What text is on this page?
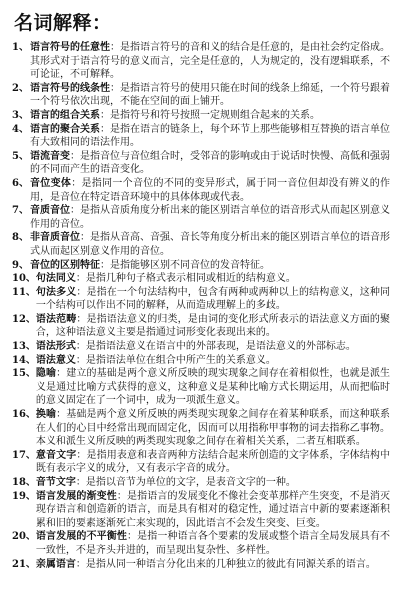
名词解释：
1、 语言符号的任意性：是指语言符号的音和义的结合是任意的，是由社会约定俗成。其形式对于语言符号的意义而言，完全是任意的，人为规定的，没有逻辑联系，不可论证，不可解释。
2、 语言符号的线条性：是指语言符号的使用只能在时间的线条上绵延，一个符号跟着一个符号依次出现，不能在空间的面上铺开。
3、 语言的组合关系：是指符号和符号按照一定规则组合起来的关系。
4、 语言的聚合关系：是指在语言的链条上，每个环节上那些能够相互替换的语言单位有大致相同的语法作用。
5、 语流音变：是指音位与音位组合时，受邻音的影响或由于说话时快慢、高低和强弱的不同而产生的语音变化。
6、 音位变体：是指同一个音位的不同的变异形式，属于同一音位但却没有辨义的作用，是音位在特定语音环境中的具体体现或代表。
7、 音质音位：是指从音质角度分析出来的能区别语言单位的语音形式从而起区别意义作用的音位。
8、 非音质音位：是指从音高、音强、音长等角度分析出来的能区别语言单位的语音形式从而起区别意义作用的音位。
9、 音位的区别特征：是指能够区别不同音位的发音特征。
10、 句法同义：是指几种句子格式表示相同或相近的结构意义。
11、 句法多义：是指在一个句法结构中，包含有两种或两种以上的结构意义，这种同一个结构可以作出不同的解释，从而造成理解上的多歧。
12、 语法范畴：是指语法意义的归类，是由词的变化形式所表示的语法意义方面的聚合，这种语法意义主要是指通过词形变化表现出来的。
13、 语法形式：是指语法意义在语言中的外部表现，是语法意义的外部标志。
14、 语法意义：是指语法单位在组合中所产生的关系意义。
15、 隐喻：建立的基础是两个意义所反映的现实现象之间存在着相似性，也就是派生义是通过比喻方式获得的意义，这种意义是某种比喻方式长期运用，从而把临时的意义固定在了一个词中，成为一项派生意义。
16、 换喻：基础是两个意义所反映的两类现实现象之间存在着某种联系，而这种联系在人们的心目中经常出现而固定化，因而可以用指称甲事物的词去指称乙事物。本义和派生义所反映的两类现实现象之间存在着相关关系，二者互相联系。
17、 意音文字：是指用表意和表音两种方法结合起来所创造的文字体系，字体结构中既有表示字义的成分，又有表示字音的成分。
18、 音节文字：是指以音节为单位的文字，是表音文字的一种。
19、 语言发展的渐变性：是指语言的发展变化不像社会变革那样产生突变，不是消灭现存语言和创造新的语言，而是具有相对的稳定性，通过语言中新的要素逐渐积累和旧的要素逐渐死亡来实现的，因此语言不会发生突变、巨变。
20、 语言发展的不平衡性：是指一种语言各个要素的发展或整个语言全局发展具有不一致性，不是齐头并进的，而呈现出复杂性、多样性。
21、 亲属语言：是指从同一种语言分化出来的几种独立的彼此有同源关系的语言。
